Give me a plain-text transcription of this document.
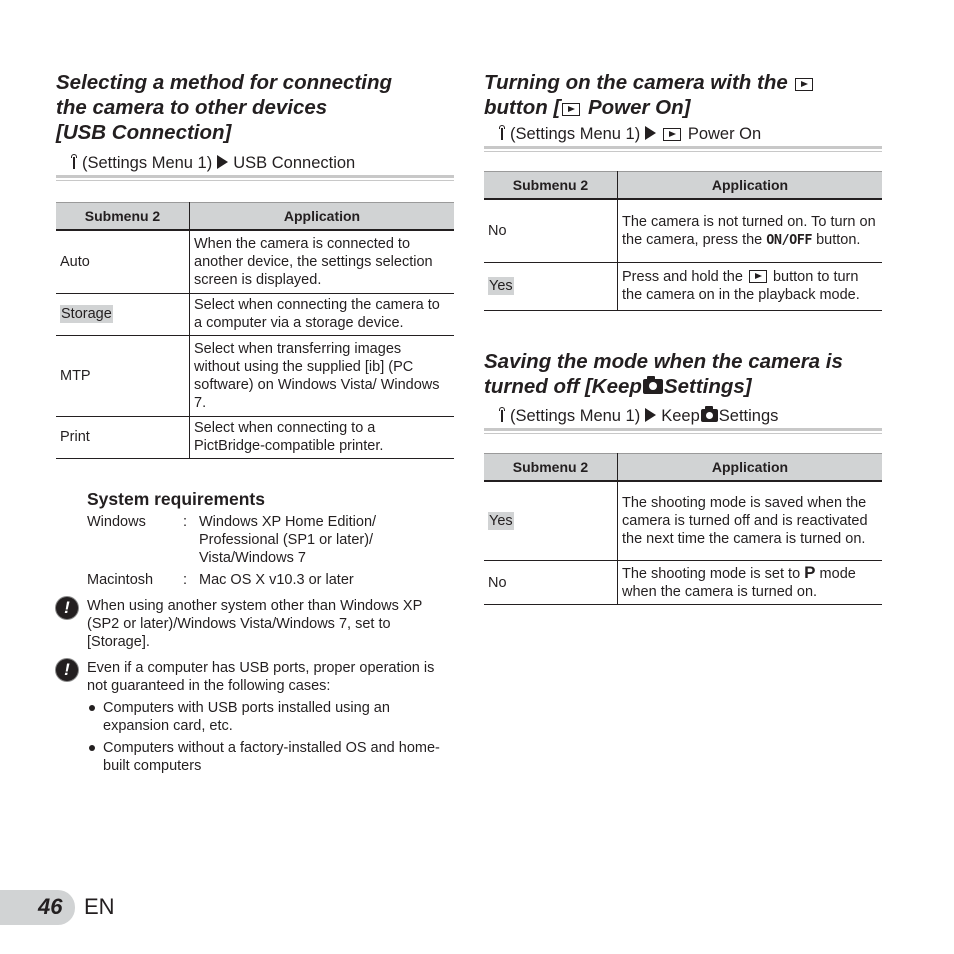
Selecting a method for connecting
the camera to other devices
[USB Connection]
(Settings Menu 1) USB Connection
Submenu 2	Application
Auto	When the camera is connected to another device, the settings selection screen is displayed.
Storage	Select when connecting the camera to a computer via a storage device.
MTP	Select when transferring images without using the supplied [ib] (PC software) on Windows Vista/ Windows 7.
Print	Select when connecting to a PictBridge-compatible printer.
System requirements
Windows	: Windows XP Home Edition/ Professional (SP1 or later)/ Vista/Windows 7
Macintosh	: Mac OS X v10.3 or later
!	When using another system other than Windows XP (SP2 or later)/Windows Vista/Windows 7, set to [Storage].
!	Even if a computer has USB ports, proper operation is not guaranteed in the following cases:
Computers with USB ports installed using an expansion card, etc.
Computers without a factory-installed OS and home-built computers
Turning on the camera with the
button [ Power On]
(Settings Menu 1)	Power On
Submenu 2	Application
No	The camera is not turned on. To turn on the camera, press the ON/OFF button.
Yes	Press and hold the button to turn the camera on in the playback mode.
Saving the mode when the camera is
turned off [Keep Settings]
(Settings Menu 1) Keep Settings
Submenu 2	Application
Yes	The shooting mode is saved when the camera is turned off and is reactivated the next time the camera is turned on.
No	The shooting mode is set to P mode when the camera is turned on.
46 EN
